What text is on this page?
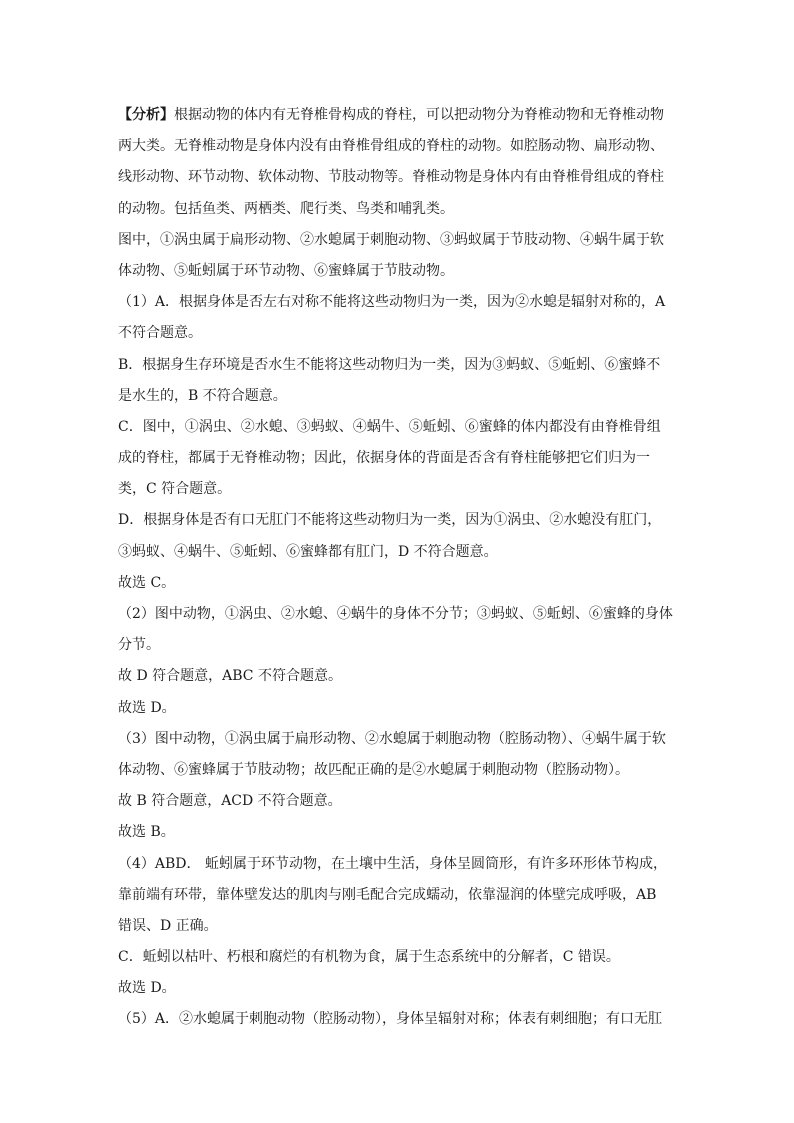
【分析】根据动物的体内有无脊椎骨构成的脊柱，可以把动物分为脊椎动物和无脊椎动物
两大类。无脊椎动物是身体内没有由脊椎骨组成的脊柱的动物。如腔肠动物、扁形动物、
线形动物、环节动物、软体动物、节肢动物等。脊椎动物是身体内有由脊椎骨组成的脊柱
的动物。包括鱼类、两栖类、爬行类、鸟类和哺乳类。
图中，①涡虫属于扁形动物、②水螅属于刺胞动物、③蚂蚁属于节肢动物、④蜗牛属于软
体动物、⑤蚯蚓属于环节动物、⑥蜜蜂属于节肢动物。
（1）A．根据身体是否左右对称不能将这些动物归为一类，因为②水螅是辐射对称的，A
不符合题意。
B．根据身生存环境是否水生不能将这些动物归为一类，因为③蚂蚁、⑤蚯蚓、⑥蜜蜂不
是水生的，B 不符合题意。
C．图中，①涡虫、②水螅、③蚂蚁、④蜗牛、⑤蚯蚓、⑥蜜蜂的体内都没有由脊椎骨组
成的脊柱，都属于无脊椎动物；因此，依据身体的背面是否含有脊柱能够把它们归为一
类，C 符合题意。
D．根据身体是否有口无肛门不能将这些动物归为一类，因为①涡虫、②水螅没有肛门，
③蚂蚁、④蜗牛、⑤蚯蚓、⑥蜜蜂都有肛门，D 不符合题意。
故选 C。
（2）图中动物，①涡虫、②水螅、④蜗牛的身体不分节；③蚂蚁、⑤蚯蚓、⑥蜜蜂的身体
分节。
故 D 符合题意，ABC 不符合题意。
故选 D。
（3）图中动物，①涡虫属于扁形动物、②水螅属于刺胞动物（腔肠动物）、④蜗牛属于软
体动物、⑥蜜蜂属于节肢动物；故匹配正确的是②水螅属于刺胞动物（腔肠动物）。
故 B 符合题意，ACD 不符合题意。
故选 B。
（4）ABD． 蚯蚓属于环节动物，在土壤中生活，身体呈圆筒形，有许多环形体节构成，
靠前端有环带，靠体壁发达的肌肉与刚毛配合完成蠕动，依靠湿润的体壁完成呼吸，AB
错误、D 正确。
C．蚯蚓以枯叶、朽根和腐烂的有机物为食，属于生态系统中的分解者，C 错误。
故选 D。
（5）A．②水螅属于刺胞动物（腔肠动物），身体呈辐射对称；体表有刺细胞；有口无肛
